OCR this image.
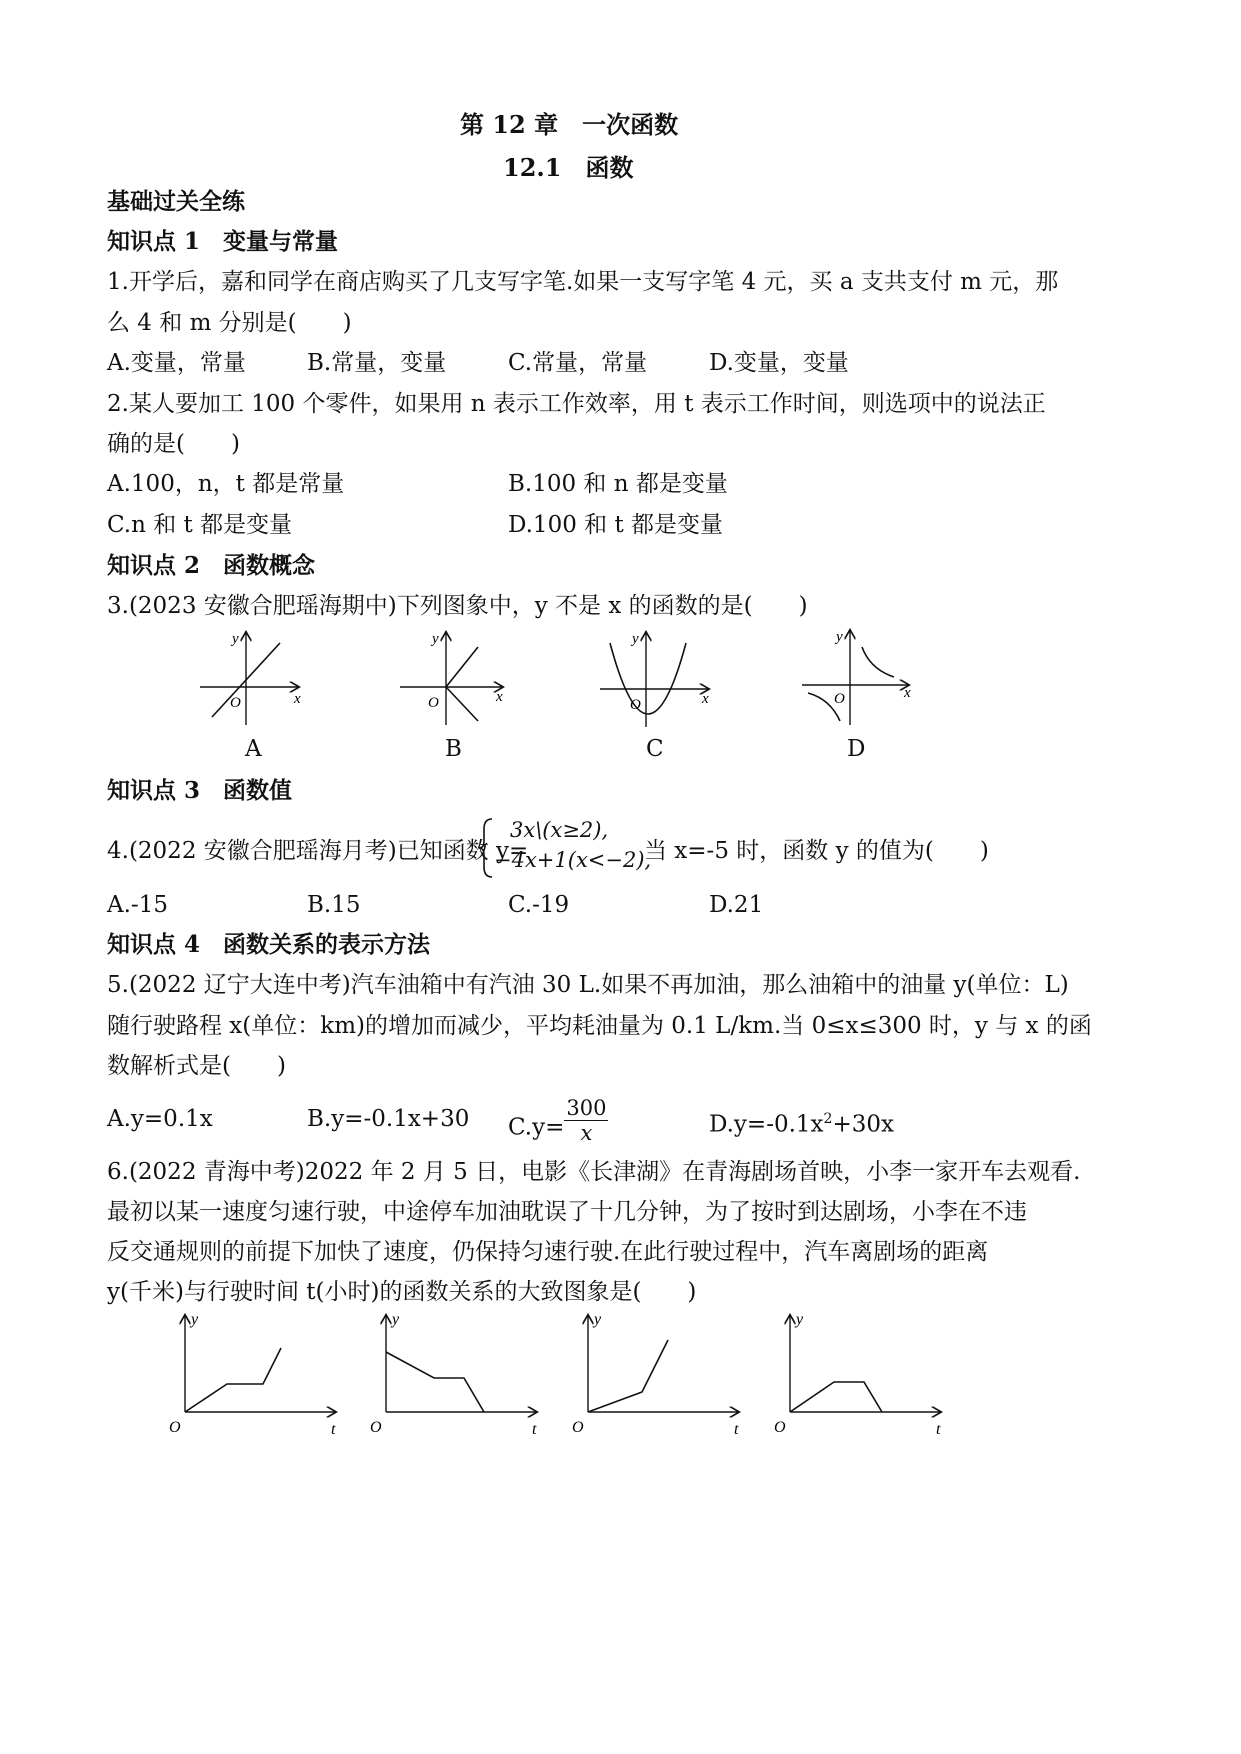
第 12 章　一次函数
12.1　函数
基础过关全练
知识点 1　变量与常量
1.开学后，嘉和同学在商店购买了几支写字笔.如果一支写字笔 4 元，买 a 支共支付 m 元，那
么 4 和 m 分别是(　　)
A.变量，常量	B.常量，变量	C.常量，常量	D.变量，变量
2.某人要加工 100 个零件，如果用 n 表示工作效率，用 t 表示工作时间，则选项中的说法正
确的是(　　)
A.100，n，t 都是常量	B.100 和 n 都是变量
C.n 和 t 都是变量	D.100 和 t 都是变量
知识点 2　函数概念
3.(2023 安徽合肥瑶海期中)下列图象中，y 不是 x 的函数的是(　　)
x
y
O	x
y
O	x
y
O
x
y
O
A	B	C	D
知识点 3　函数值
4.(2022 安徽合肥瑶海月考)已知函数 y=
3x\(x≥2),
−4x+1(x<−2),
当 x=-5 时，函数 y 的值为(　　)
A.-15	B.15	C.-19	D.21
知识点 4　函数关系的表示方法
5.(2022 辽宁大连中考)汽车油箱中有汽油 30 L.如果不再加油，那么油箱中的油量 y(单位：L)
随行驶路程 x(单位：km)的增加而减少，平均耗油量为 0.1 L/km.当 0≤x≤300 时，y 与 x 的函
数解析式是(　　)
A.y=0.1x	B.y=-0.1x+30 $C.y= \frac{300}{x}$	$D.y=-0.1x^2+30x$
6.(2022 青海中考)2022 年 2 月 5 日，电影《长津湖》在青海剧场首映，小李一家开车去观看.
最初以某一速度匀速行驶，中途停车加油耽误了十几分钟，为了按时到达剧场，小李在不违
反交通规则的前提下加快了速度，仍保持匀速行驶.在此行驶过程中，汽车离剧场的距离
y(千米)与行驶时间 t(小时)的函数关系的大致图象是(　　)
O	t
y
O	t
y
O	t
y
O	t
y
